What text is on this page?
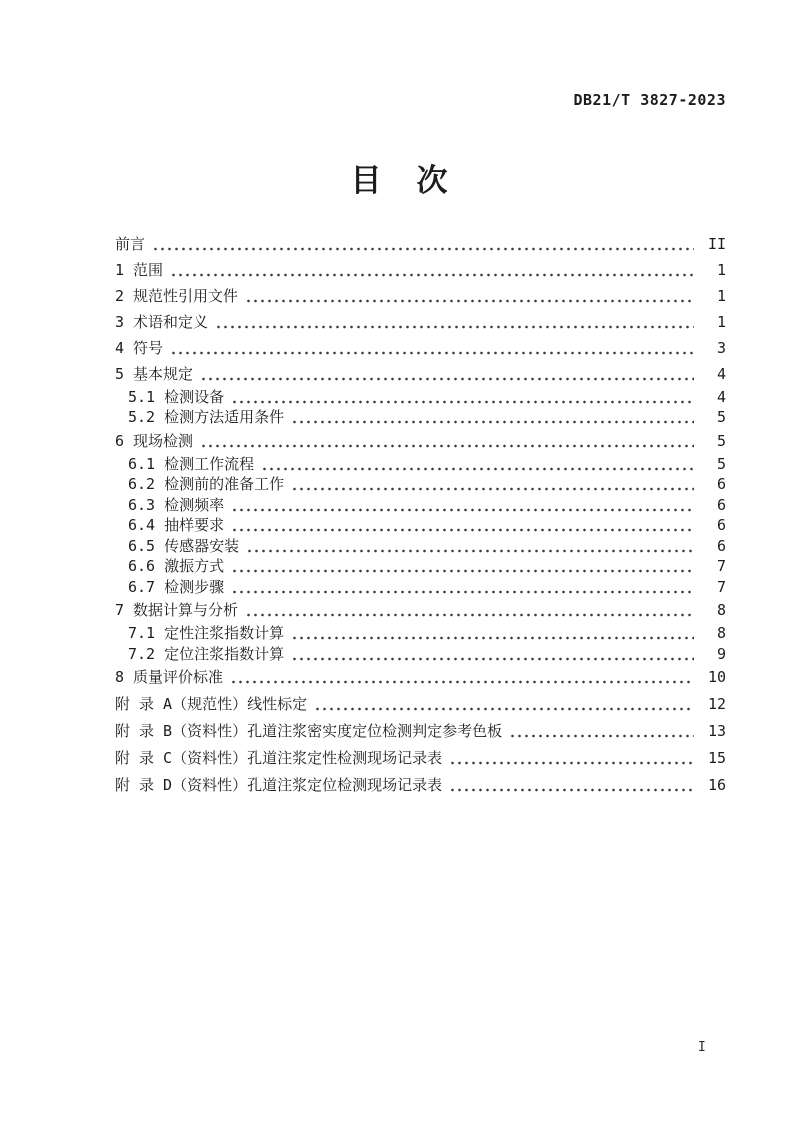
DB21/T 3827-2023
目　次
前言	II
1 范围	1
2 规范性引用文件	1
3 术语和定义	1
4 符号	3
5 基本规定	4
5.1 检测设备	4
5.2 检测方法适用条件	5
6 现场检测	5
6.1 检测工作流程	5
6.2 检测前的准备工作	6
6.3 检测频率	6
6.4 抽样要求	6
6.5 传感器安装	6
6.6 激振方式	7
6.7 检测步骤	7
7 数据计算与分析	8
7.1 定性注浆指数计算	8
7.2 定位注浆指数计算	9
8 质量评价标准	10
附 录 A（规范性）线性标定	12
附 录 B（资料性）孔道注浆密实度定位检测判定参考色板	13
附 录 C（资料性）孔道注浆定性检测现场记录表	15
附 录 D（资料性）孔道注浆定位检测现场记录表	16
I
